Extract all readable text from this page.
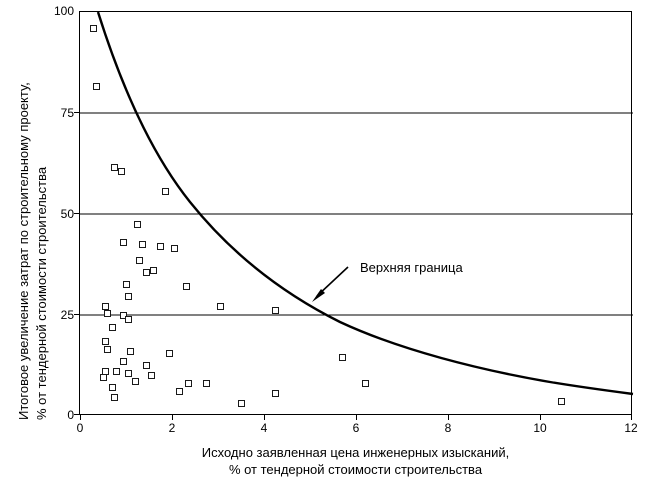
Итоговое увеличение затрат по строительному проекту, % от тендерной стоимости строительства	Верхняя граница
100
75
50
25
0
0	2	4	6	8	10	12
Исходно заявленная цена инженерных изысканий,
% от тендерной стоимости строительства
